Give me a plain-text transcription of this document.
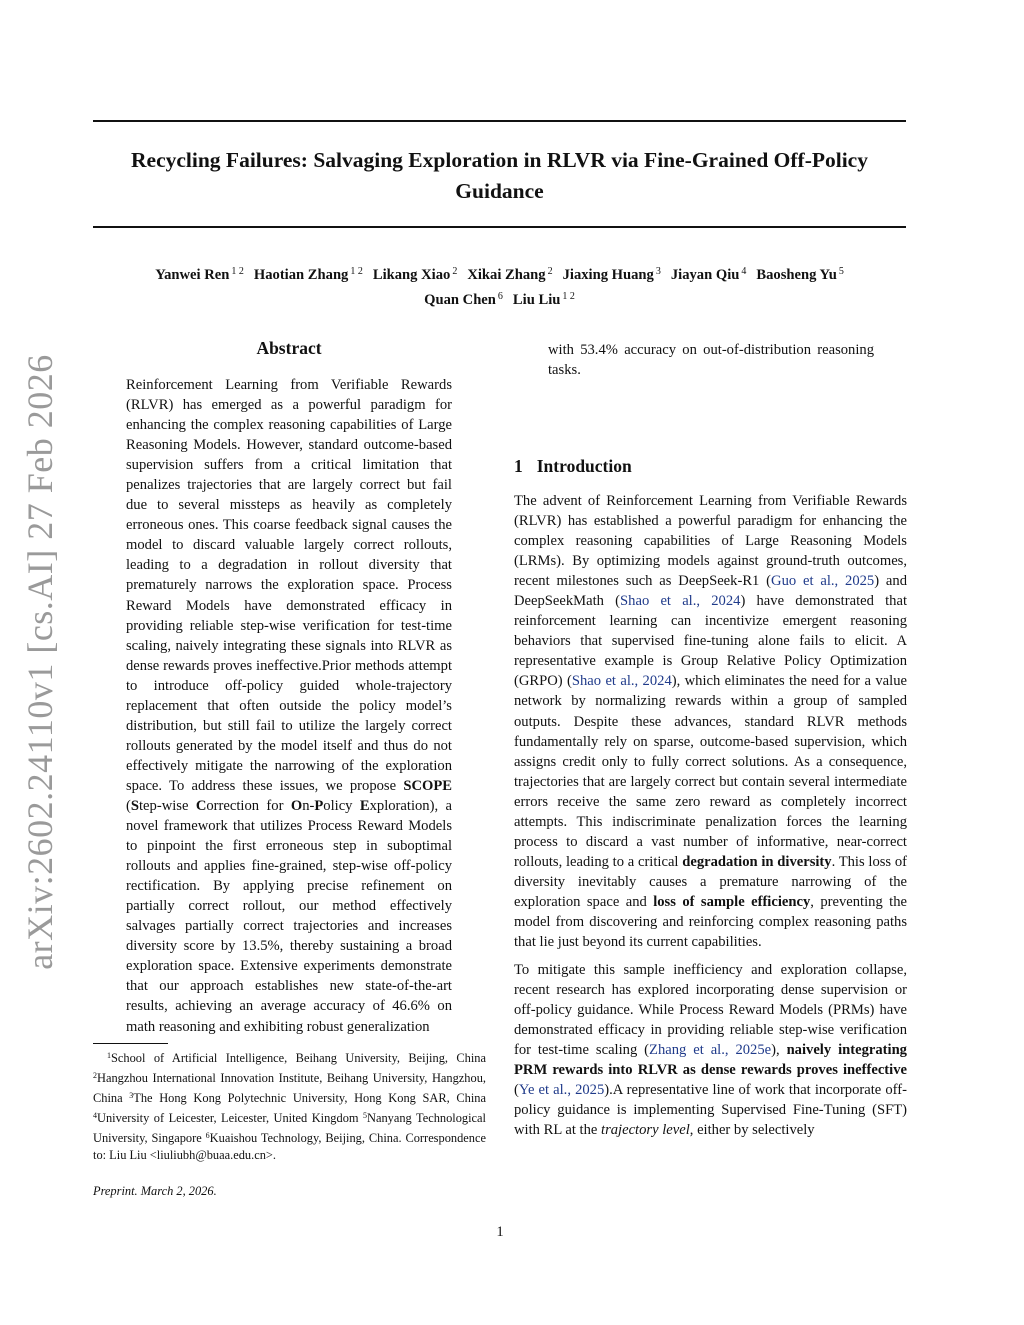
Recycling Failures: Salvaging Exploration in RLVR via Fine-Grained Off-Policy Guidance
Yanwei Ren $^{1 2}$ Haotian Zhang $^{1 2}$ Likang Xiao $^2$ Xikai Zhang $^2$ Jiaxing Huang $^3$ Jiayan Qiu $^4$ Baosheng Yu $^5$
Quan Chen $^6$ Liu Liu $^{1 2}$
arXiv:2602.24110v1 [cs.AI] 27 Feb 2026
Abstract
Reinforcement Learning from Verifiable Rewards (RLVR) has emerged as a powerful paradigm for enhancing the complex reasoning capabilities of Large Reasoning Models. However, standard outcome-based supervision suffers from a critical limitation that penalizes trajectories that are largely correct but fail due to several missteps as heavily as completely erroneous ones. This coarse feedback signal causes the model to discard valuable largely correct rollouts, leading to a degradation in rollout diversity that prematurely narrows the exploration space. Process Reward Models have demonstrated efficacy in providing reliable step-wise verification for test-time scaling, naively integrating these signals into RLVR as dense rewards proves ineffective.Prior methods attempt to introduce off-policy guided whole-trajectory replacement that often outside the policy model’s distribution, but still fail to utilize the largely correct rollouts generated by the model itself and thus do not effectively mitigate the narrowing of the exploration space. To address these issues, we propose SCOPE (Step-wise Correction for On-Policy Exploration), a novel framework that utilizes Process Reward Models to pinpoint the first erroneous step in suboptimal rollouts and applies fine-grained, step-wise off-policy rectification. By applying precise refinement on partially correct rollout, our method effectively salvages partially correct trajectories and increases diversity score by 13.5%, thereby sustaining a broad exploration space. Extensive experiments demonstrate that our approach establishes new state-of-the-art results, achieving an average accuracy of 46.6% on math reasoning and exhibiting robust generalization
with 53.4% accuracy on out-of-distribution reasoning tasks.
1 Introduction

The advent of Reinforcement Learning from Verifiable Rewards (RLVR) has established a powerful paradigm for enhancing the complex reasoning capabilities of Large Reasoning Models (LRMs). By optimizing models against ground-truth outcomes, recent milestones such as DeepSeek-R1 (Guo et al., 2025) and DeepSeekMath (Shao et al., 2024) have demonstrated that reinforcement learning can incentivize emergent reasoning behaviors that supervised fine-tuning alone fails to elicit. A representative example is Group Relative Policy Optimization (GRPO) (Shao et al., 2024), which eliminates the need for a value network by normalizing rewards within a group of sampled outputs. Despite these advances, standard RLVR methods fundamentally rely on sparse, outcome-based supervision, which assigns credit only to fully correct solutions. As a consequence, trajectories that are largely correct but contain several intermediate errors receive the same zero reward as completely incorrect attempts. This indiscriminate penalization forces the learning process to discard a vast number of informative, near-correct rollouts, leading to a critical degradation in diversity. This loss of diversity inevitably causes a premature narrowing of the exploration space and loss of sample efficiency, preventing the model from discovering and reinforcing complex reasoning paths that lie just beyond its current capabilities.

To mitigate this sample inefficiency and exploration collapse, recent research has explored incorporating dense supervision or off-policy guidance. While Process Reward Models (PRMs) have demonstrated efficacy in providing reliable step-wise verification for test-time scaling (Zhang et al., 2025e), naively integrating PRM rewards into RLVR as dense rewards proves ineffective (Ye et al., 2025).A representative line of work that incorporate off-policy guidance is implementing Supervised Fine-Tuning (SFT) with RL at the trajectory level, either by selectively

$^1$School of Artificial Intelligence, Beihang University, Beijing, China $^2$Hangzhou International Innovation Institute, Beihang University, Hangzhou, China $^3$The Hong Kong Polytechnic University, Hong Kong SAR, China $^4$University of Leicester, Leicester, United Kingdom $^5$Nanyang Technological University, Singapore $^6$Kuaishou Technology, Beijing, China. Correspondence to: Liu Liu <liuliubh@buaa.edu.cn>.
Preprint. March 2, 2026.
1
